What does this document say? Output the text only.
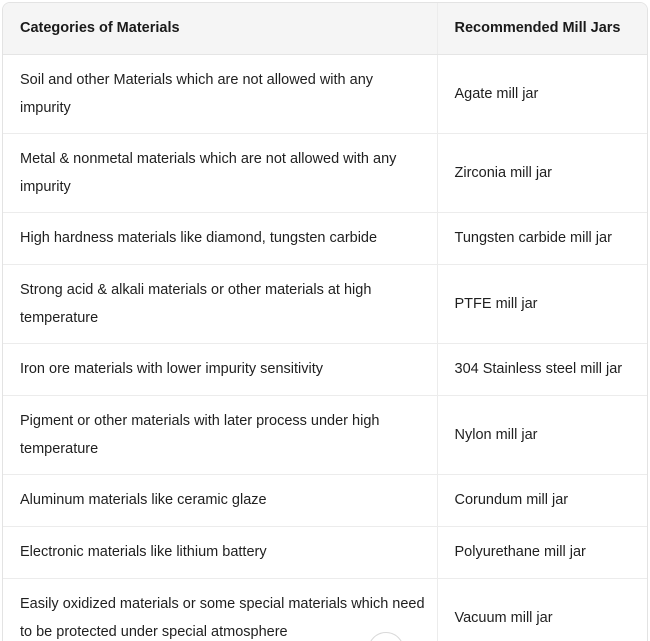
Categories of Materials	Recommended Mill Jars
Soil and other Materials which are not allowed with any impurity	Agate mill jar
Metal & nonmetal materials which are not allowed with any impurity	Zirconia mill jar
High hardness materials like diamond, tungsten carbide	Tungsten carbide mill jar
Strong acid & alkali materials or other materials at high temperature	PTFE mill jar
Iron ore materials with lower impurity sensitivity	304 Stainless steel mill jar
Pigment or other materials with later process under high temperature	Nylon mill jar
Aluminum materials like ceramic glaze	Corundum mill jar
Electronic materials like lithium battery	Polyurethane mill jar
Easily oxidized materials or some special materials which need to be protected under special atmosphere	Vacuum mill jar
